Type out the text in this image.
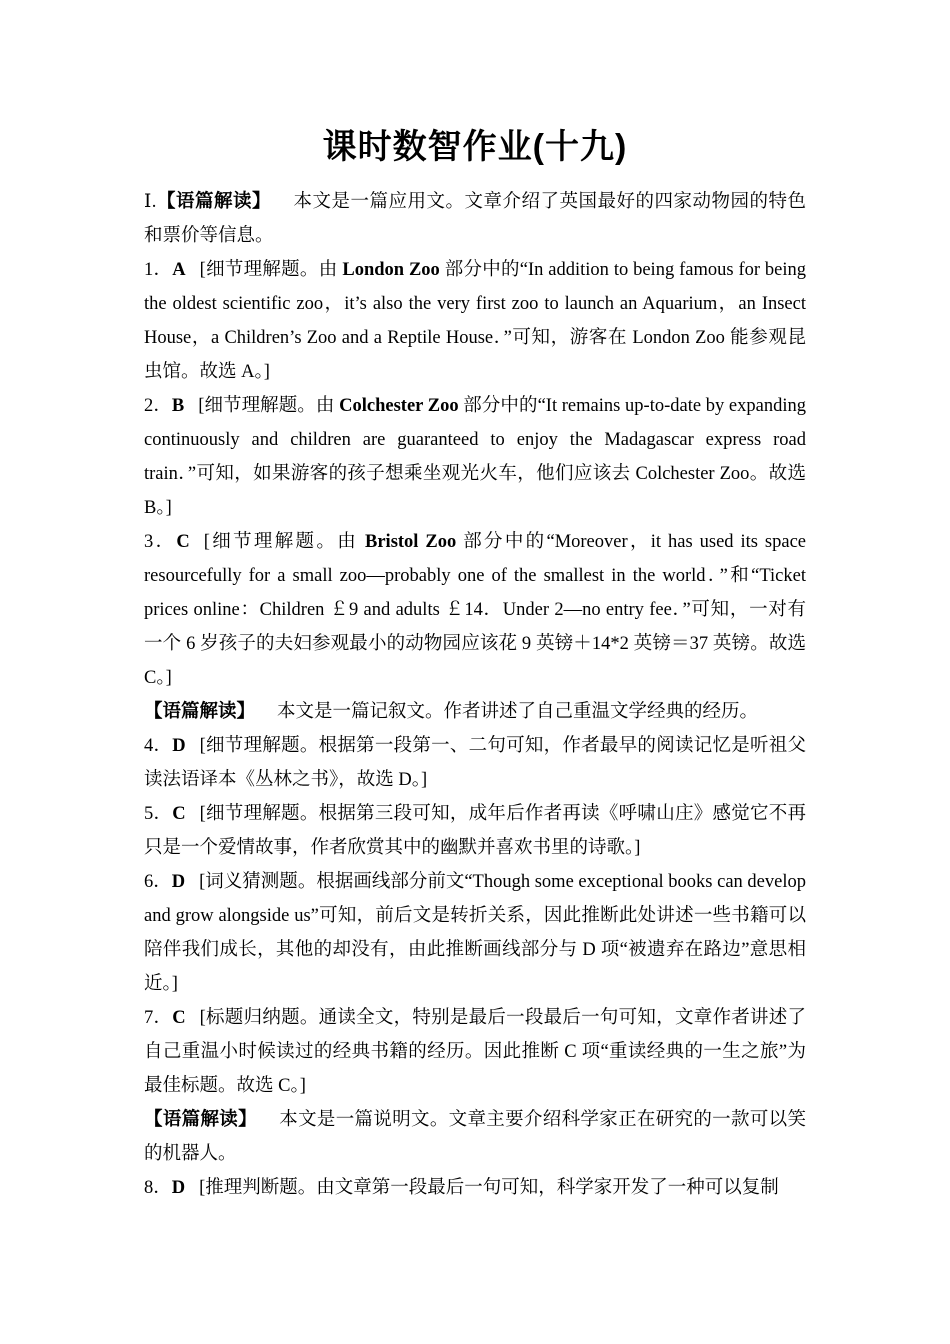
课时数智作业(十九)

Ⅰ.【语篇解读】 本文是一篇应用文。文章介绍了英国最好的四家动物园的特色和票价等信息。

1．A [细节理解题。由 London Zoo 部分中的“In addition to being famous for being the oldest scientific zoo，it’s also the very first zoo to launch an Aquarium，an Insect House，a Children’s Zoo and a Reptile House．”可知，游客在 London Zoo 能参观昆虫馆。故选 A。]

2．B [细节理解题。由 Colchester Zoo 部分中的“It remains up-to-date by expanding continuously and children are guaranteed to enjoy the Madagascar express road train．”可知，如果游客的孩子想乘坐观光火车，他们应该去 Colchester Zoo。故选 B。]

3．C [细节理解题。由 Bristol Zoo 部分中的“Moreover，it has used its space resourcefully for a small zoo—probably one of the smallest in the world．”和“Ticket prices online：Children ￡9 and adults ￡14．Under 2—no entry fee．”可知，一对有一个 6 岁孩子的夫妇参观最小的动物园应该花 9 英镑＋14*2 英镑＝37 英镑。故选 C。]

【语篇解读】 本文是一篇记叙文。作者讲述了自己重温文学经典的经历。

4．D [细节理解题。根据第一段第一、二句可知，作者最早的阅读记忆是听祖父读法语译本《丛林之书》，故选 D。]

5．C [细节理解题。根据第三段可知，成年后作者再读《呼啸山庄》感觉它不再只是一个爱情故事，作者欣赏其中的幽默并喜欢书里的诗歌。]

6．D [词义猜测题。根据画线部分前文“Though some exceptional books can develop and grow alongside us”可知，前后文是转折关系，因此推断此处讲述一些书籍可以陪伴我们成长，其他的却没有，由此推断画线部分与 D 项“被遗弃在路边”意思相近。]

7．C [标题归纳题。通读全文，特别是最后一段最后一句可知，文章作者讲述了自己重温小时候读过的经典书籍的经历。因此推断 C 项“重读经典的一生之旅”为最佳标题。故选 C。]

【语篇解读】 本文是一篇说明文。文章主要介绍科学家正在研究的一款可以笑的机器人。

8．D [推理判断题。由文章第一段最后一句可知，科学家开发了一种可以复制
